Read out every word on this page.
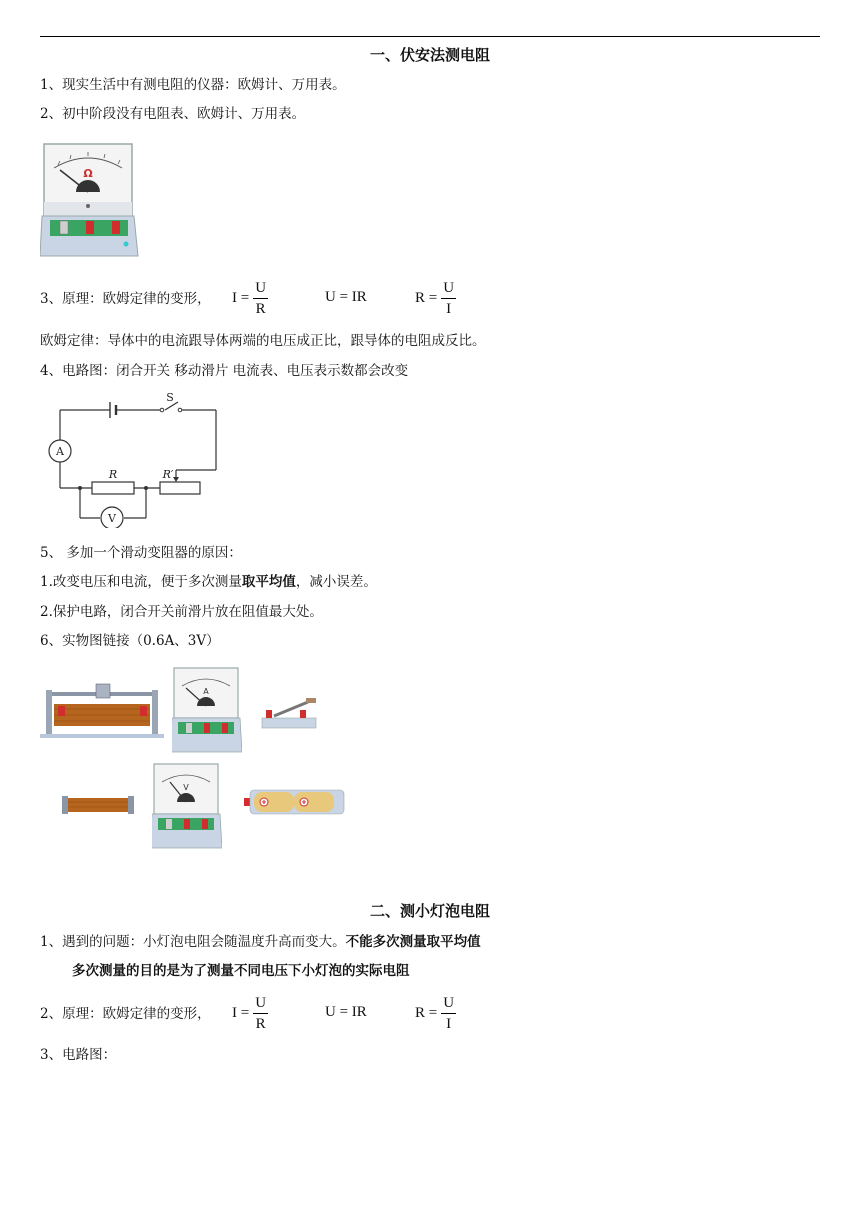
一、伏安法测电阻
1、现实生活中有测电阻的仪器：欧姆计、万用表。
2、初中阶段没有电阻表、欧姆计、万用表。
Ω
3、原理：欧姆定律的变形， $I = \frac{U}{R}$	U = IR	$R = \frac{U}{I}$
欧姆定律：导体中的电流跟导体两端的电压成正比，跟导体的电阻成反比。
4、电路图：闭合开关 移动滑片 电流表、电压表示数都会改变
S
A
R	R′
V
5、 多加一个滑动变阻器的原因：
1.改变电压和电流，便于多次测量取平均值，减小误差。
2.保护电路，闭合开关前滑片放在阻值最大处。
6、实物图链接（0.6A、3V）
A
V
二、测小灯泡电阻
1、遇到的问题：小灯泡电阻会随温度升高而变大。不能多次测量取平均值
多次测量的目的是为了测量不同电压下小灯泡的实际电阻
2、原理：欧姆定律的变形， $I = \frac{U}{R}$	U = IR	$R = \frac{U}{I}$
3、电路图：
